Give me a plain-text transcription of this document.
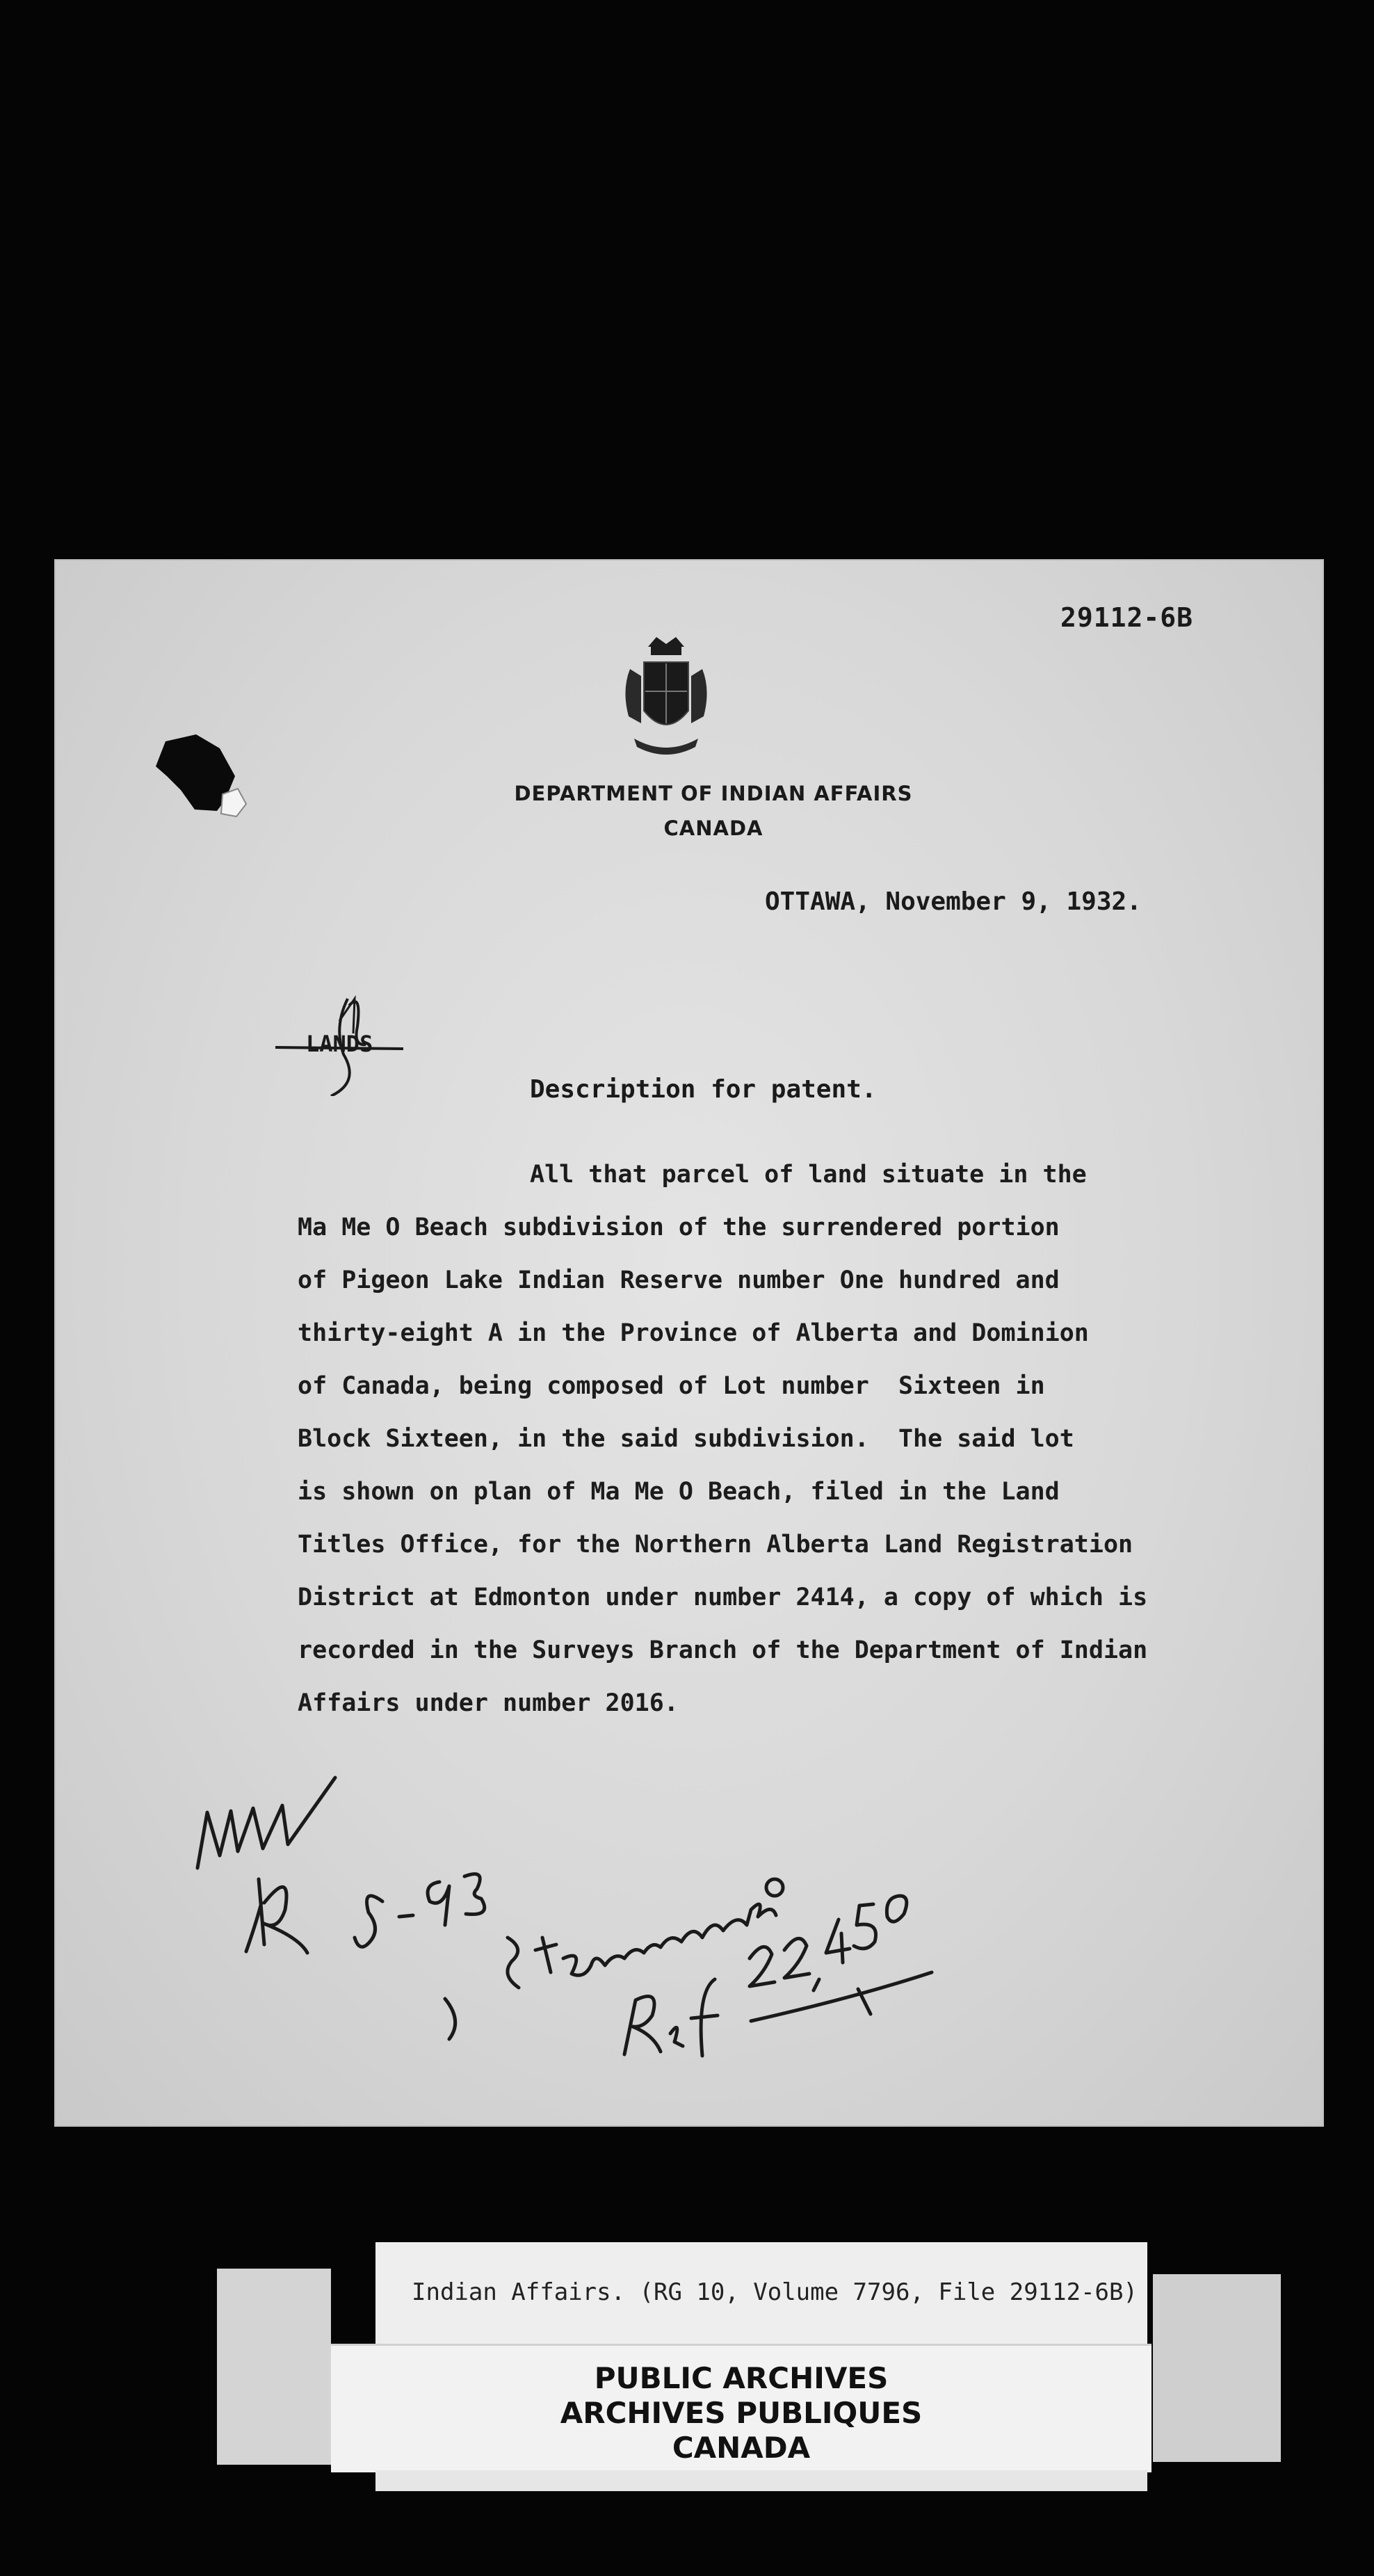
29112-6B
DEPARTMENT OF INDIAN AFFAIRS
CANADA
OTTAWA, November 9, 1932.
LANDS
Description for patent.
All that parcel of land situate in the
Ma Me O Beach subdivision of the surrendered portion
of Pigeon Lake Indian Reserve number One hundred and
thirty-eight A in the Province of Alberta and Dominion
of Canada, being composed of Lot number  Sixteen in
Block Sixteen, in the said subdivision.  The said lot
is shown on plan of Ma Me O Beach, filed in the Land
Titles Office, for the Northern Alberta Land Registration
District at Edmonton under number 2414, a copy of which is
recorded in the Surveys Branch of the Department of Indian
Affairs under number 2016.
Indian Affairs. (RG 10, Volume 7796, File 29112-6B)
PUBLIC ARCHIVES
ARCHIVES PUBLIQUES
CANADA
